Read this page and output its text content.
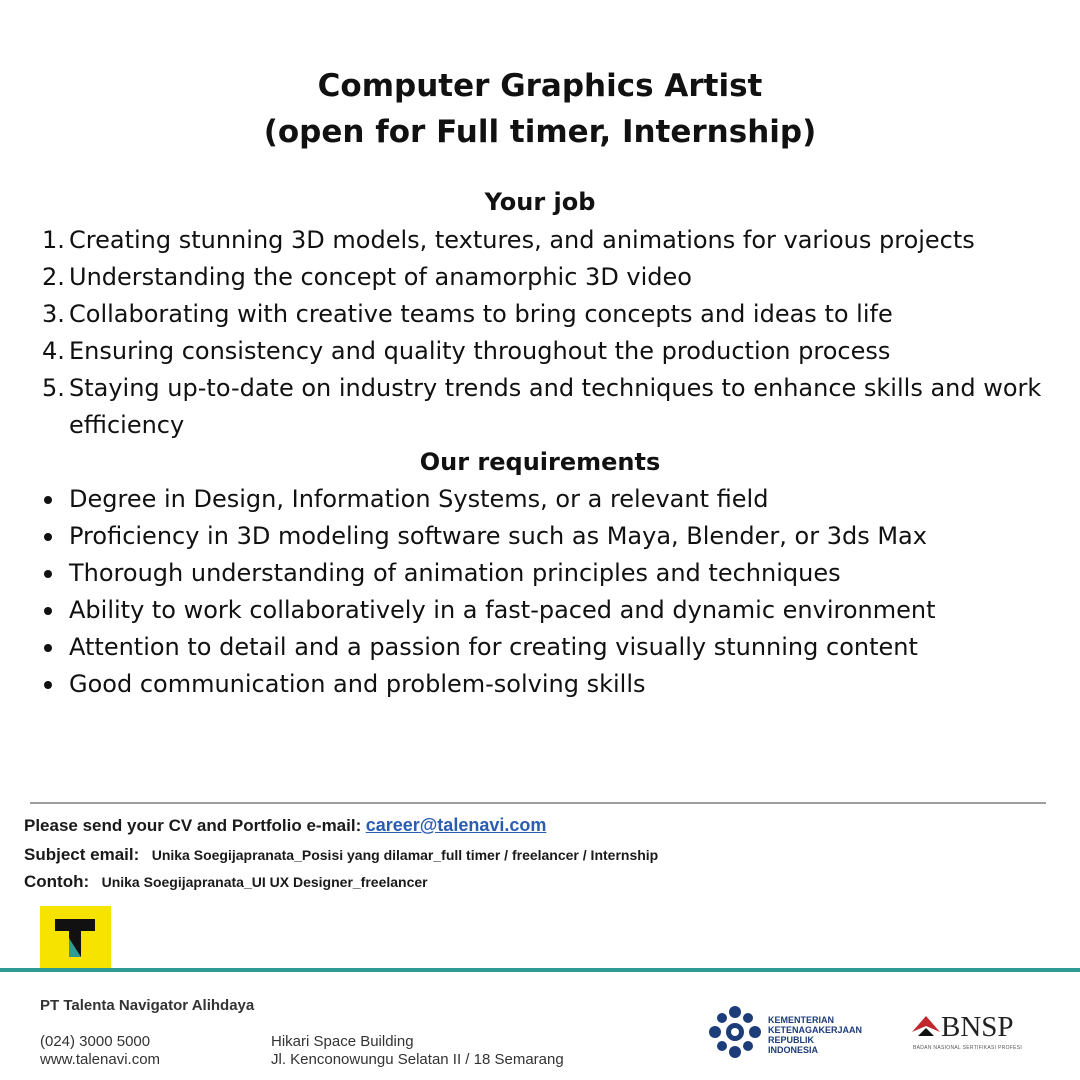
Computer Graphics Artist
(open for Full timer, Internship)
Your job
1. Creating stunning 3D models, textures, and animations for various projects
2. Understanding the concept of anamorphic 3D video
3. Collaborating with creative teams to bring concepts and ideas to life
4. Ensuring consistency and quality throughout the production process
5. Staying up-to-date on industry trends and techniques to enhance skills and work efficiency
Our requirements
Degree in Design, Information Systems, or a relevant field
Proficiency in 3D modeling software such as Maya, Blender, or 3ds Max
Thorough understanding of animation principles and techniques
Ability to work collaboratively in a fast-paced and dynamic environment
Attention to detail and a passion for creating visually stunning content
Good communication and problem-solving skills
Please send your CV and Portfolio e-mail: career@talenavi.com
Subject email: Unika Soegijapranata_Posisi yang dilamar_full timer / freelancer / Internship
Contoh: Unika Soegijapranata_UI UX Designer_freelancer
PT Talenta Navigator Alihdaya
(024) 3000 5000
www.talenavi.com
Hikari Space Building
Jl. Kenconowungu Selatan II / 18 Semarang
KEMENTERIAN
KETENAGAKERJAAN
REPUBLIK
INDONESIA
BNSP
BADAN NASIONAL SERTIFIKASI PROFESI
